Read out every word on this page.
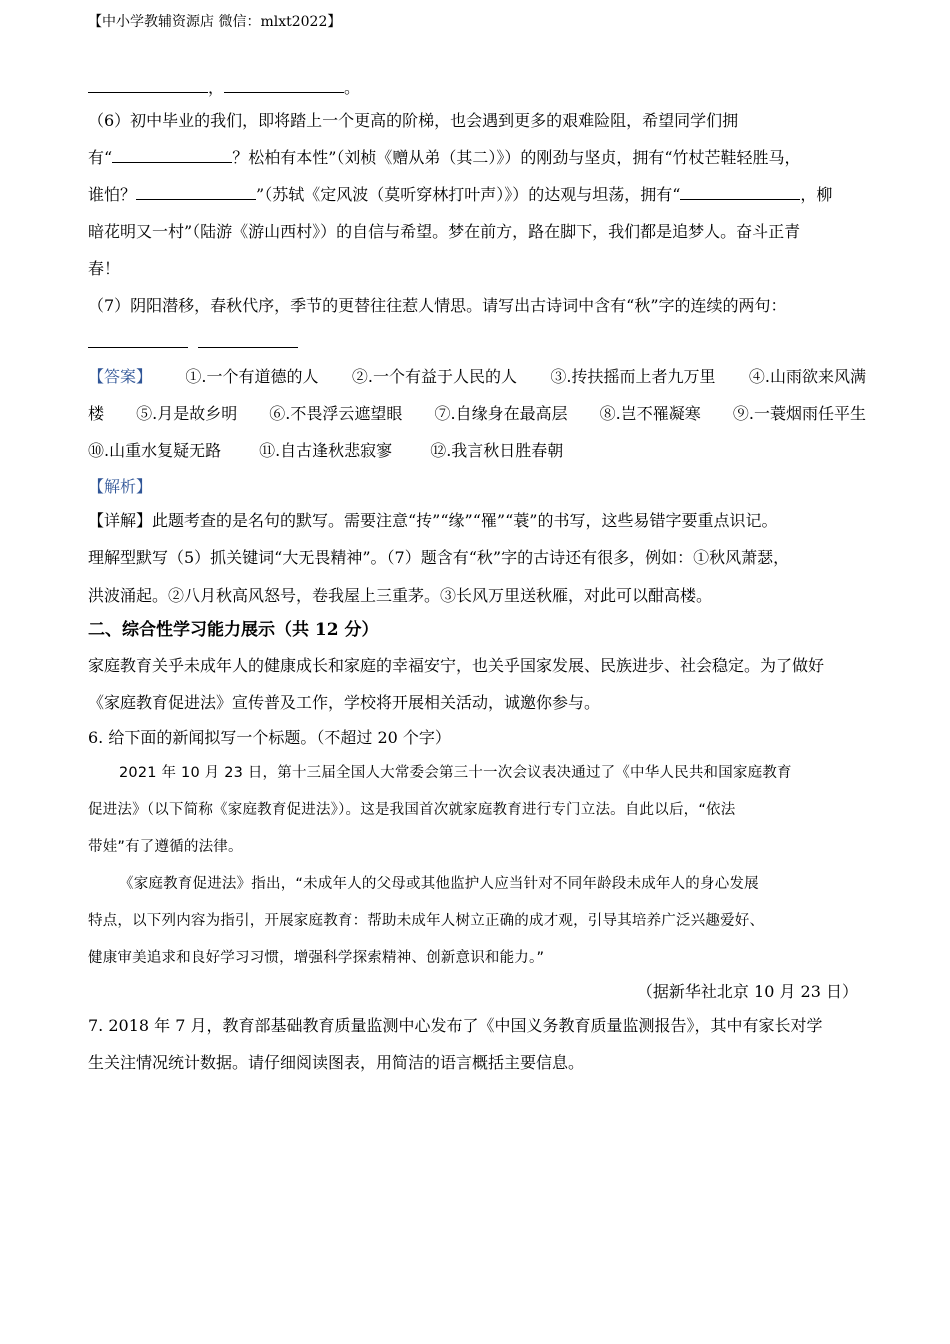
【中小学教辅资源店 微信：mlxt2022】
，	。
（6）初中毕业的我们，即将踏上一个更高的阶梯，也会遇到更多的艰难险阻，希望同学们拥
有“	？松柏有本性”（刘桢《赠从弟（其二）》）的刚劲与坚贞，拥有“竹杖芒鞋轻胜马，
谁怕？	”（苏轼《定风波（莫听穿林打叶声）》）的达观与坦荡，拥有“	，柳
暗花明又一村”（陆游《游山西村》）的自信与希望。梦在前方，路在脚下，我们都是追梦人。奋斗正青
春！
（7）阴阳潜移，春秋代序，季节的更替往往惹人情思。请写出古诗词中含有“秋”字的连续的两句：

【答案】 ①.一个有道德的人 ②.一个有益于人民的人 ③.抟扶摇而上者九万里 ④.山雨欲来风满
楼 ⑤.月是故乡明 ⑥.不畏浮云遮望眼 ⑦.自缘身在最高层 ⑧.岂不罹凝寒 ⑨.一蓑烟雨任平生
⑩.山重水复疑无路 ⑪.自古逢秋悲寂寥 ⑫.我言秋日胜春朝
【解析】
【详解】此题考查的是名句的默写。需要注意“抟”“缘”“罹”“蓑”的书写，这些易错字要重点识记。
理解型默写（5）抓关键词“大无畏精神”。（7）题含有“秋”字的古诗还有很多，例如：①秋风萧瑟，
洪波涌起。②八月秋高风怒号，卷我屋上三重茅。③长风万里送秋雁，对此可以酣高楼。
二、综合性学习能力展示（共 12 分）
家庭教育关乎未成年人的健康成长和家庭的幸福安宁，也关乎国家发展、民族进步、社会稳定。为了做好
《家庭教育促进法》宣传普及工作，学校将开展相关活动，诚邀你参与。
6. 给下面的新闻拟写一个标题。（不超过 20 个字）
2021 年 10 月 23 日，第十三届全国人大常委会第三十一次会议表决通过了《中华人民共和国家庭教育
促进法》（以下简称《家庭教育促进法》）。这是我国首次就家庭教育进行专门立法。自此以后，“依法
带娃”有了遵循的法律。
《家庭教育促进法》指出，“未成年人的父母或其他监护人应当针对不同年龄段未成年人的身心发展
特点，以下列内容为指引，开展家庭教育：帮助未成年人树立正确的成才观，引导其培养广泛兴趣爱好、
健康审美追求和良好学习习惯，增强科学探索精神、创新意识和能力。”
（据新华社北京 10 月 23 日）
7. 2018 年 7 月，教育部基础教育质量监测中心发布了《中国义务教育质量监测报告》，其中有家长对学
生关注情况统计数据。请仔细阅读图表，用简洁的语言概括主要信息。
